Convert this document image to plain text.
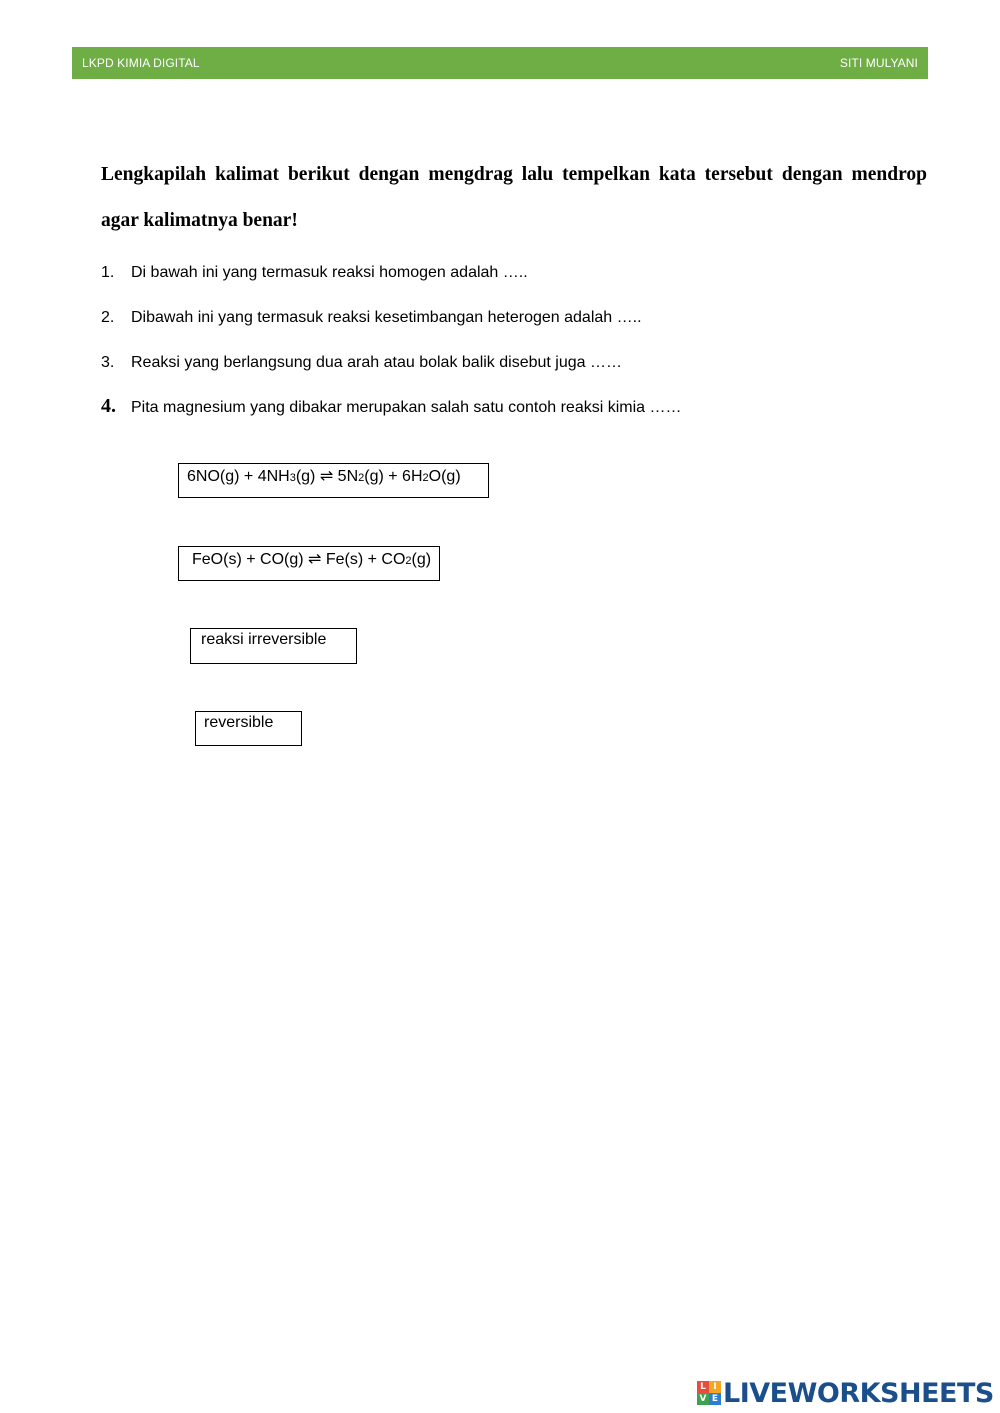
LKPD KIMIA DIGITAL	SITI MULYANI
Lengkapilah kalimat berikut dengan mengdrag lalu tempelkan kata tersebut dengan mendrop agar kalimatnya benar!
1.	Di bawah ini yang termasuk reaksi homogen adalah …..
2.	Dibawah ini yang termasuk reaksi kesetimbangan heterogen adalah …..
3.	Reaksi yang berlangsung dua arah atau bolak balik disebut juga ……
4. Pita magnesium yang dibakar merupakan salah satu contoh reaksi kimia ……
6NO(g) + 4NH3(g) ⇌ 5N2(g) + 6H2O(g)
FeO(s) + CO(g) ⇌ Fe(s) + CO2(g)
reaksi irreversible
reversible
L I
V E LIVEWORKSHEETS
